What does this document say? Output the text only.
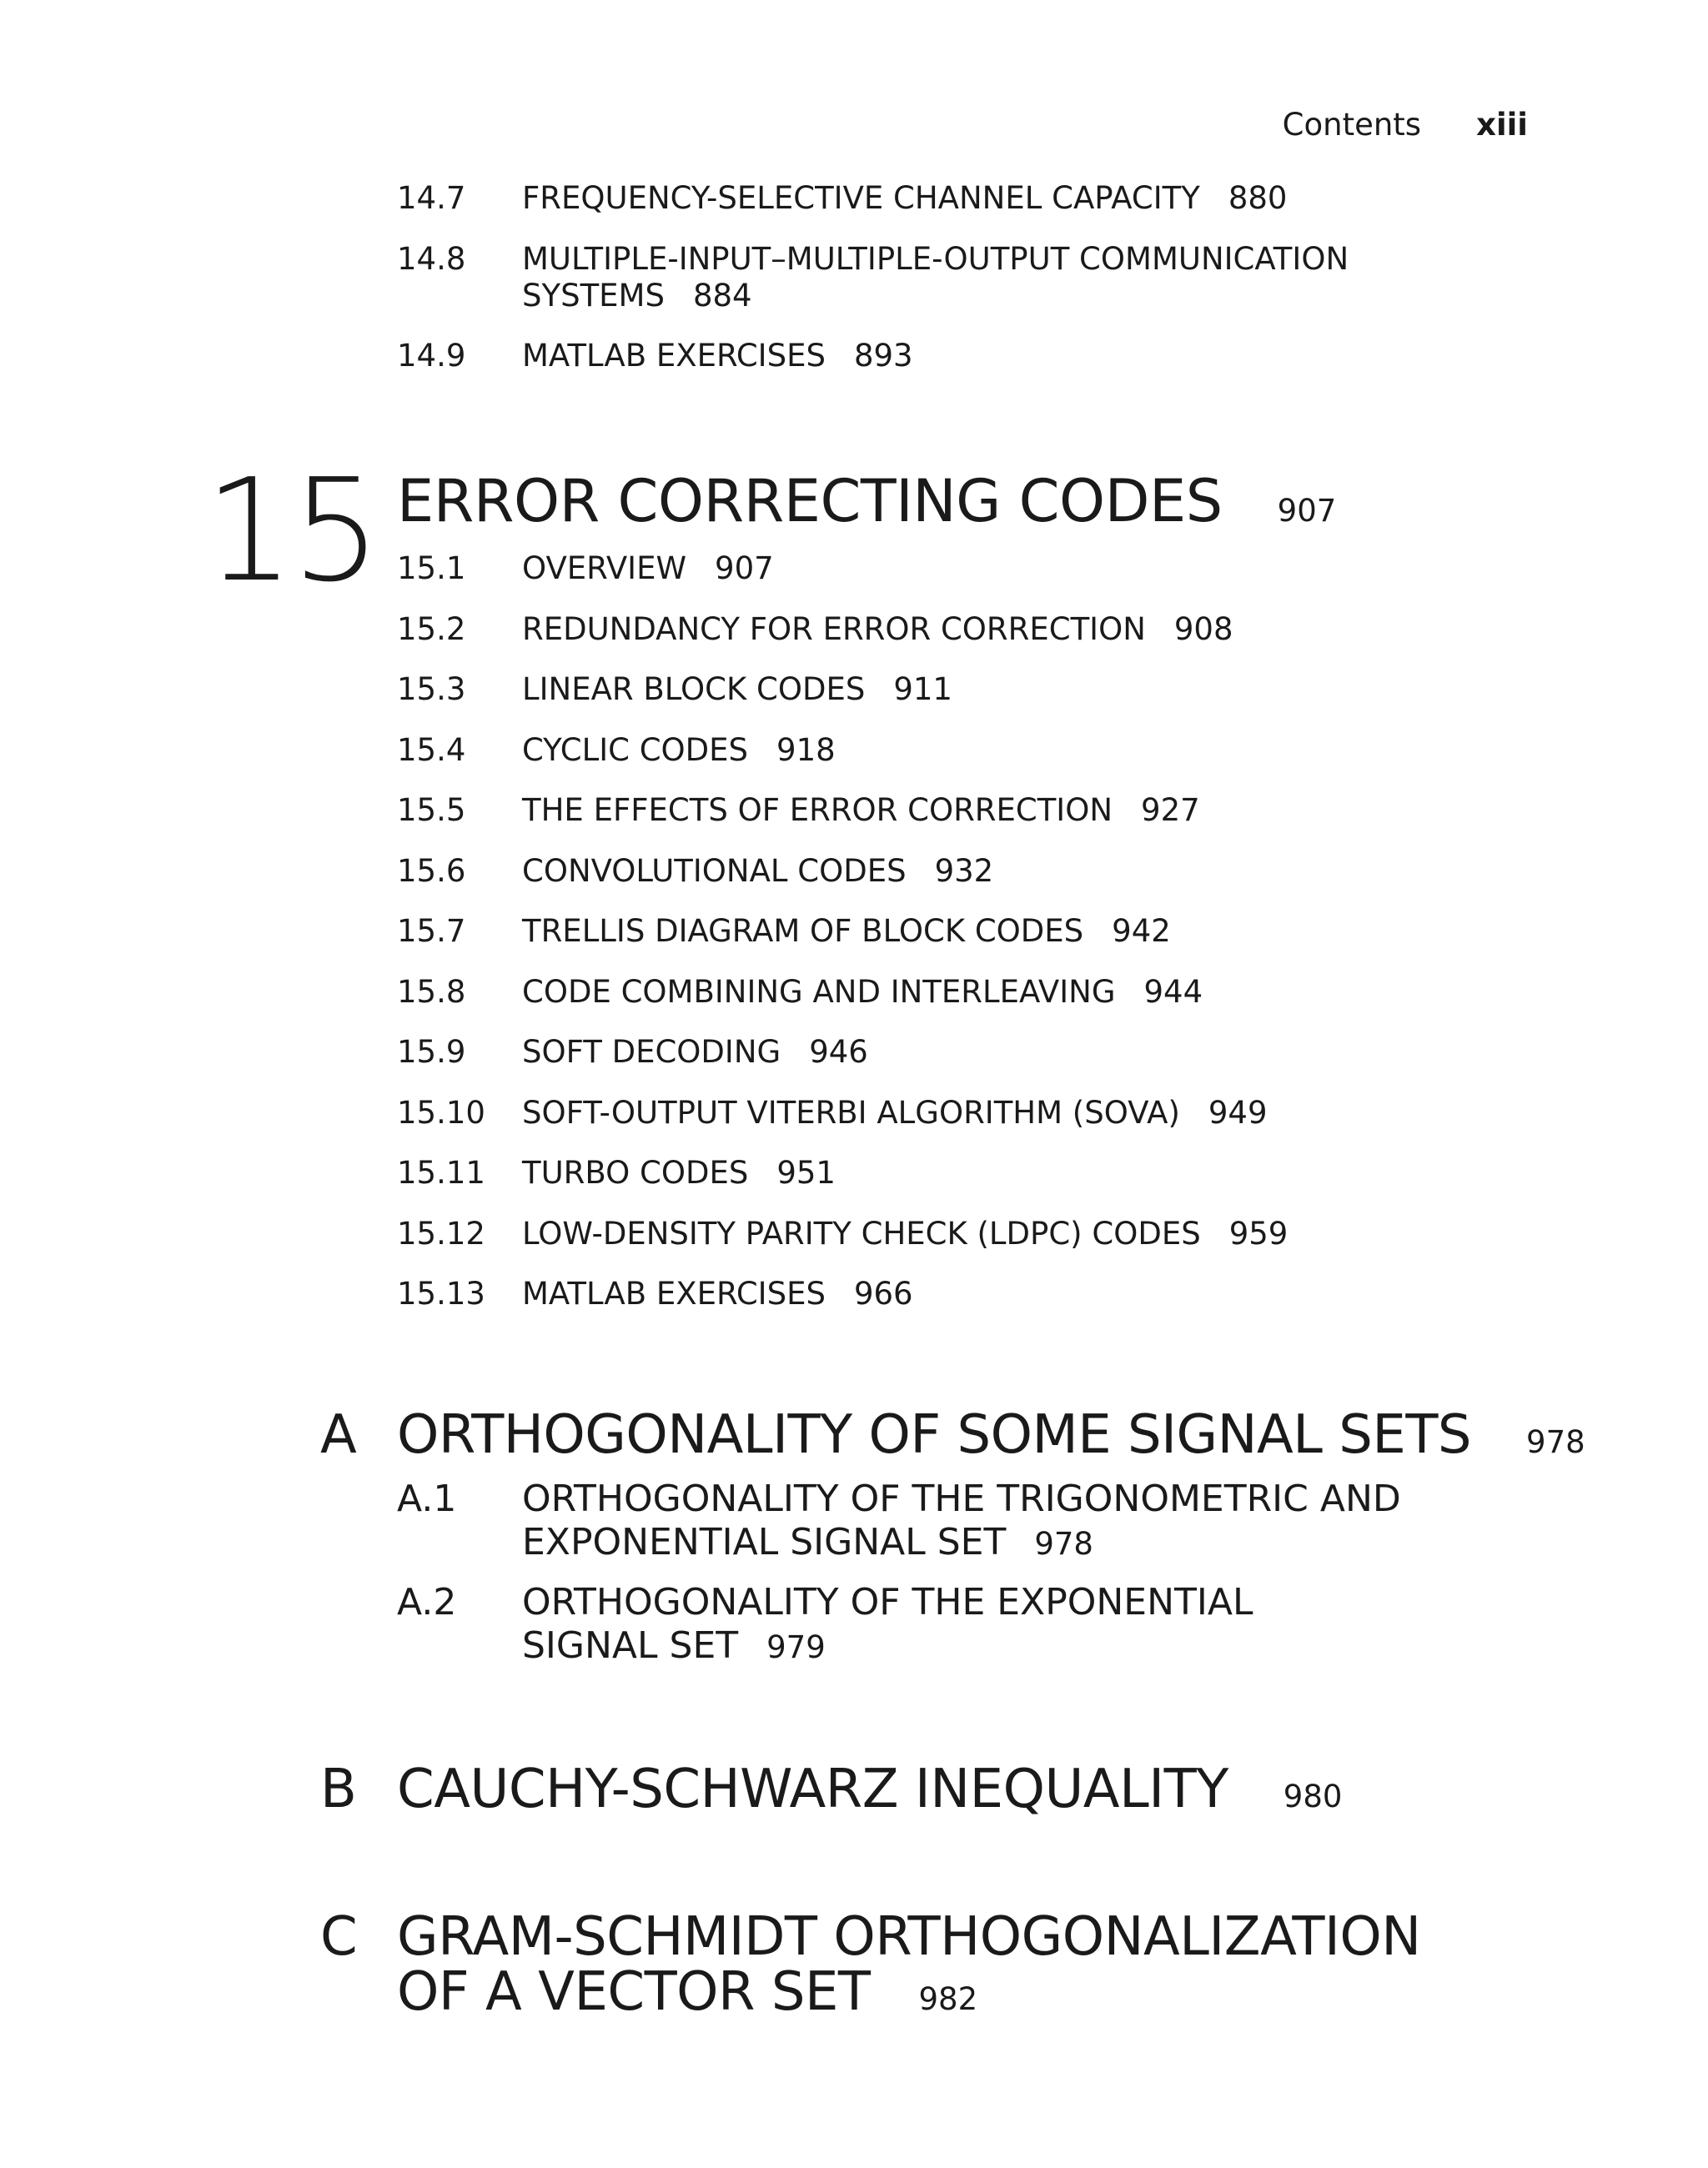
Contents xiii
14.7	FREQUENCY-SELECTIVE CHANNEL CAPACITY 880
14.8	MULTIPLE-INPUT–MULTIPLE-OUTPUT COMMUNICATION SYSTEMS 884
14.9	MATLAB EXERCISES 893
15 ERROR CORRECTING CODES 907
15.1	OVERVIEW 907
15.2	REDUNDANCY FOR ERROR CORRECTION 908
15.3	LINEAR BLOCK CODES 911
15.4	CYCLIC CODES 918
15.5	THE EFFECTS OF ERROR CORRECTION 927
15.6	CONVOLUTIONAL CODES 932
15.7	TRELLIS DIAGRAM OF BLOCK CODES 942
15.8	CODE COMBINING AND INTERLEAVING 944
15.9	SOFT DECODING 946
15.10	SOFT-OUTPUT VITERBI ALGORITHM (SOVA) 949
15.11	TURBO CODES 951
15.12	LOW-DENSITY PARITY CHECK (LDPC) CODES 959
15.13	MATLAB EXERCISES 966
A ORTHOGONALITY OF SOME SIGNAL SETS 978
A.1	ORTHOGONALITY OF THE TRIGONOMETRIC AND EXPONENTIAL SIGNAL SET 978
A.2	ORTHOGONALITY OF THE EXPONENTIAL SIGNAL SET 979
B CAUCHY-SCHWARZ INEQUALITY 980
C GRAM-SCHMIDT ORTHOGONALIZATION OF A VECTOR SET 982
